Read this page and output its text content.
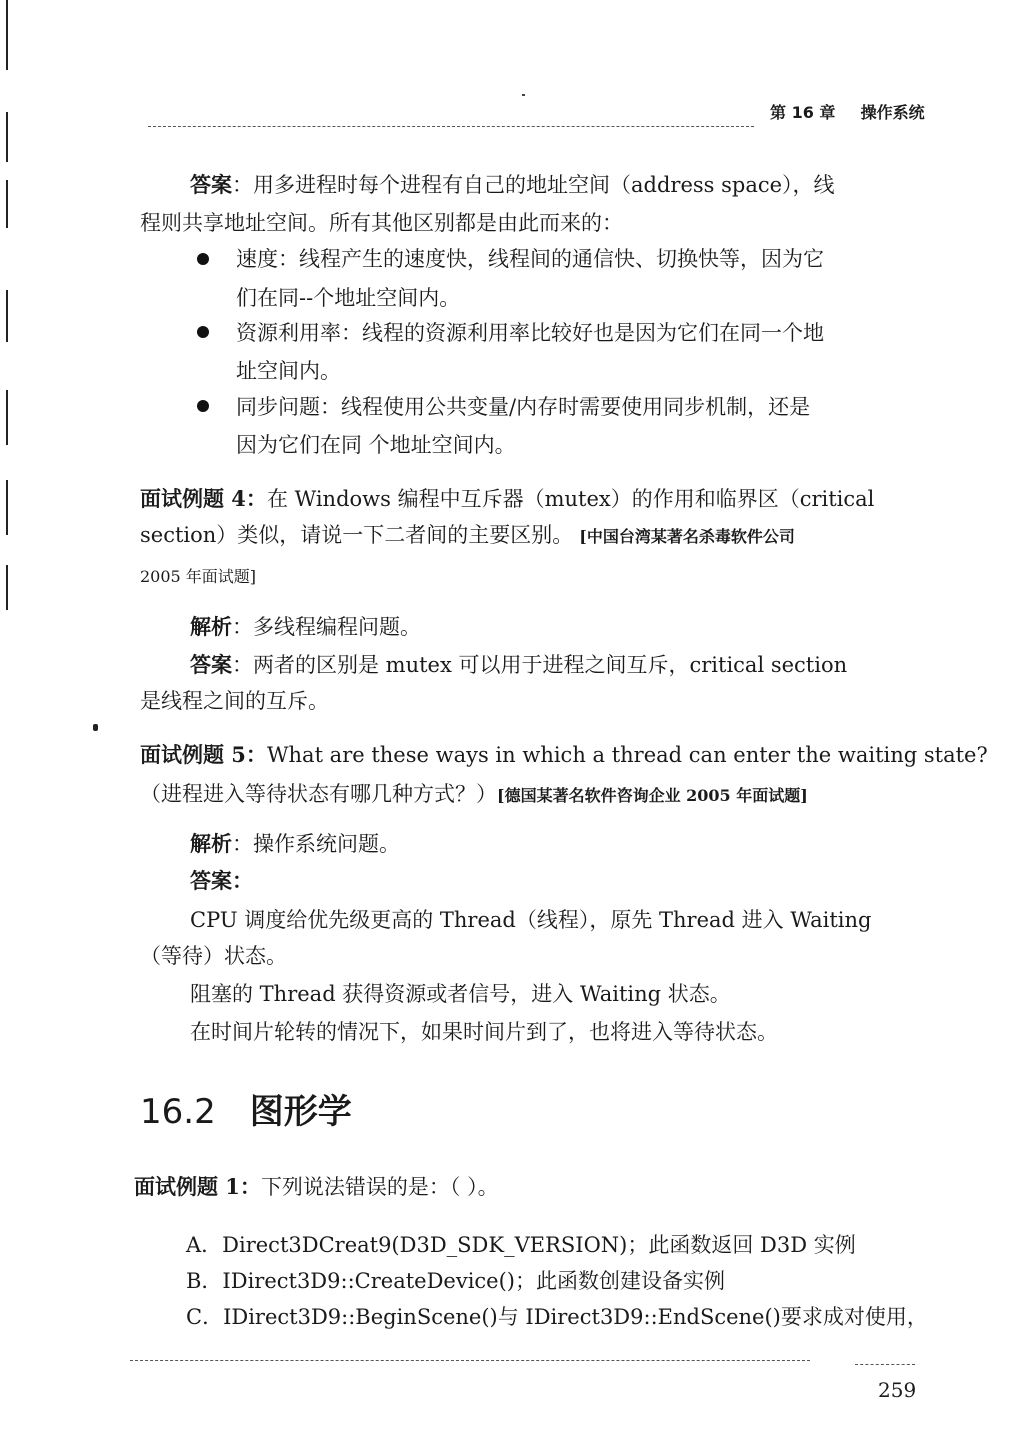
第 16 章 操作系统
答案：用多进程时每个进程有自己的地址空间（address space），线
程则共享地址空间。所有其他区别都是由此而来的：
速度：线程产生的速度快，线程间的通信快、切换快等，因为它
们在同--个地址空间内。
资源利用率：线程的资源利用率比较好也是因为它们在同一个地
址空间内。
同步问题：线程使用公共变量/内存时需要使用同步机制，还是
因为它们在同 个地址空间内。
面试例题 4：在 Windows 编程中互斥器（mutex）的作用和临界区（critical
section）类似，请说一下二者间的主要区别。 [中国台湾某著名杀毒软件公司
2005 年面试题]
解析：多线程编程问题。
答案：两者的区别是 mutex 可以用于进程之间互斥，critical section
是线程之间的互斥。
面试例题 5：What are these ways in which a thread can enter the waiting state?
（进程进入等待状态有哪几种方式？）[德国某著名软件咨询企业 2005 年面试题]
解析：操作系统问题。
答案：
CPU 调度给优先级更高的 Thread（线程），原先 Thread 进入 Waiting
（等待）状态。
阻塞的 Thread 获得资源或者信号，进入 Waiting 状态。
在时间片轮转的情况下，如果时间片到了，也将进入等待状态。
16.2 图形学
面试例题 1：下列说法错误的是：（ ）。
A．Direct3DCreat9(D3D_SDK_VERSION)；此函数返回 D3D 实例
B．IDirect3D9::CreateDevice()；此函数创建设备实例
C．IDirect3D9::BeginScene()与 IDirect3D9::EndScene()要求成对使用，
259
